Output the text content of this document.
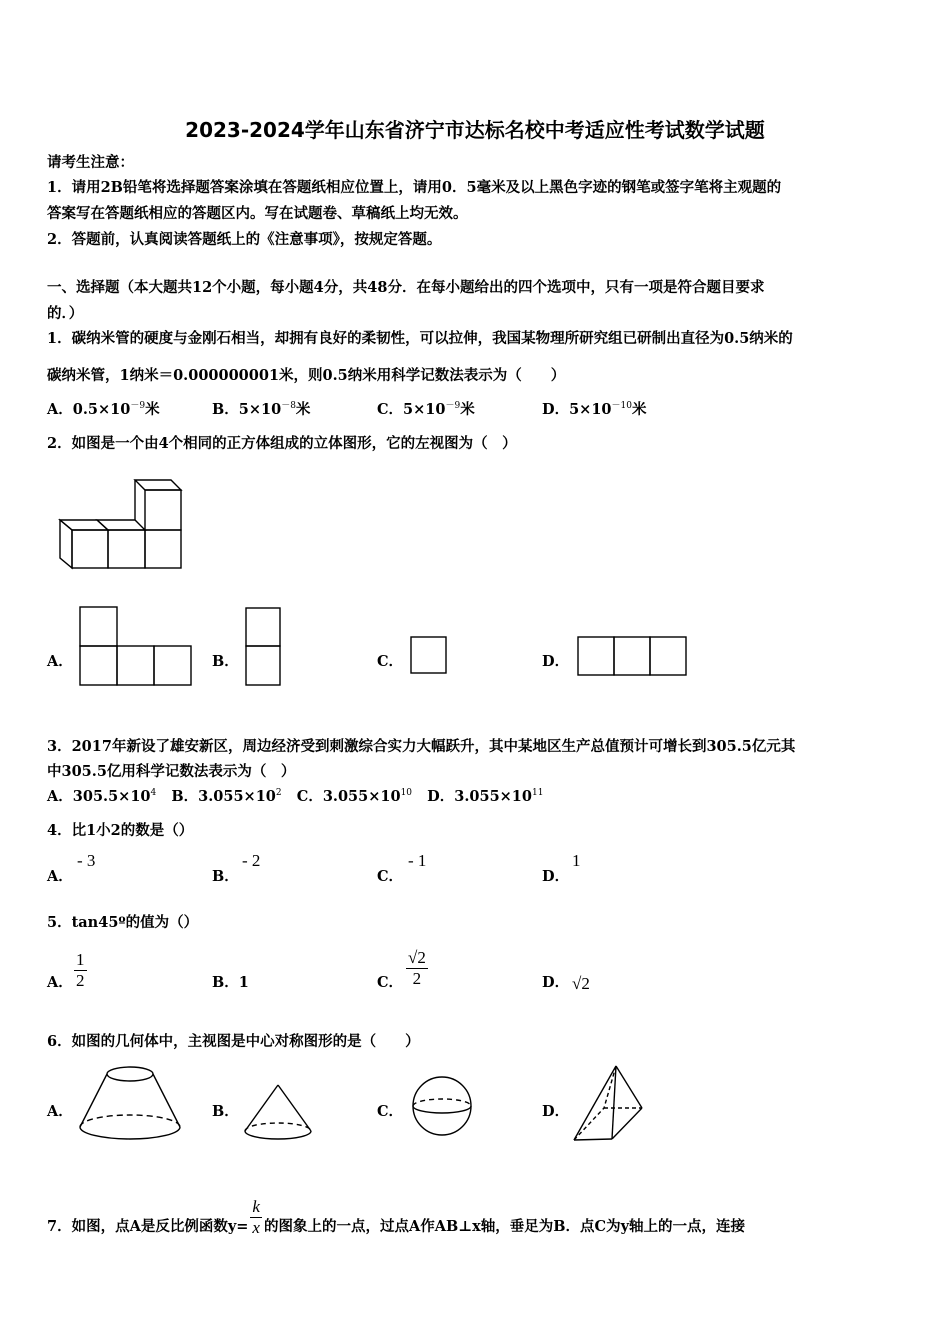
2023-2024学年山东省济宁市达标名校中考适应性考试数学试题
请考生注意：
1．请用2B铅笔将选择题答案涂填在答题纸相应位置上，请用0．5毫米及以上黑色字迹的钢笔或签字笔将主观题的
答案写在答题纸相应的答题区内。写在试题卷、草稿纸上均无效。
2．答题前，认真阅读答题纸上的《注意事项》，按规定答题。
一、选择题（本大题共12个小题，每小题4分，共48分．在每小题给出的四个选项中，只有一项是符合题目要求
的．）
1．碳纳米管的硬度与金刚石相当，却拥有良好的柔韧性，可以拉伸，我国某物理所研究组已研制出直径为0.5纳米的
碳纳米管，1纳米＝0.000000001米，则0.5纳米用科学记数法表示为（　　）
A．$0.5\times 10^{-9}$米	B．$5\times 10^{-8}$米	C．$5\times 10^{-9}$米	D．$5\times 10^{-10}$米
2．如图是一个由4个相同的正方体组成的立体图形，它的左视图为（　）
A．	B．	C．	D．
3．2017年新设了雄安新区，周边经济受到刺激综合实力大幅跃升，其中某地区生产总值预计可增长到305.5亿元其
中305.5亿用科学记数法表示为（　）
A．$305.5\times 10^4$ B．$3.055\times 10^2$ C．$3.055\times 10^{10}$ D．$3.055\times 10^{11}$
4．比1小2的数是（）
A．
- 3
B．
- 2
C．
- 1
D．
1
5．tan45º的值为（）
A． $\frac{1}{2}$	B．1	C． $\frac{√2}{2}$	D． √2
6．如图的几何体中，主视图是中心对称图形的是（　　）
A．	B．	C．	D．
7．如图，点A是反比例函数$y= \frac{k}{x}$ 的图象上的一点，过点A作AB⊥x轴，垂足为B．点C为y轴上的一点，连接
